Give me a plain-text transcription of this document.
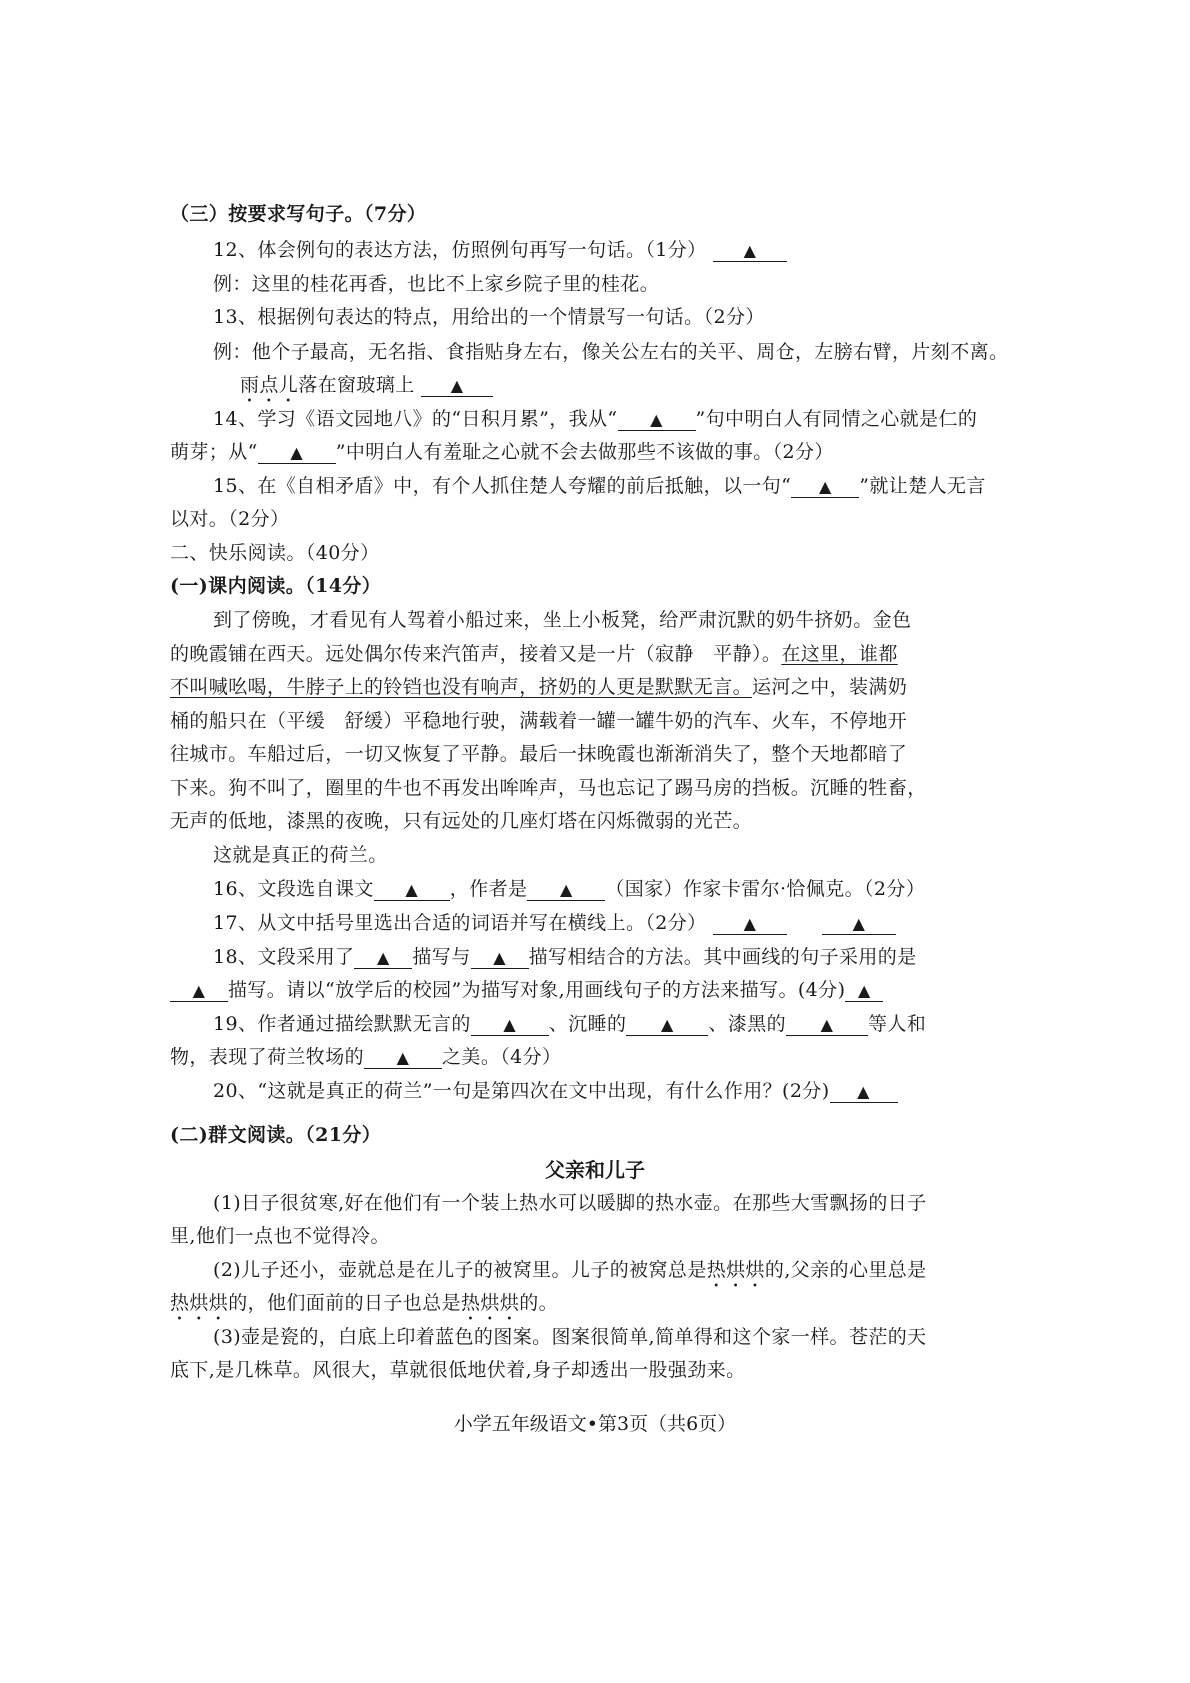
（三）按要求写句子。（7分）
12、体会例句的表达方法，仿照例句再写一句话。（1分） ▲
例：这里的桂花再香，也比不上家乡院子里的桂花。
13、根据例句表达的特点，用给出的一个情景写一句话。（2分）
例：他个子最高，无名指、食指贴身左右，像关公左右的关平、周仓，左膀右臂，片刻不离。
雨点儿落在窗玻璃上 ▲
14、学习《语文园地八》的“日积月累”，我从“ ▲ ”句中明白人有同情之心就是仁的
萌芽；从“ ▲ ”中明白人有羞耻之心就不会去做那些不该做的事。（2分）
15、在《自相矛盾》中，有个人抓住楚人夸耀的前后抵触，以一句“ ▲ ”就让楚人无言
以对。（2分）
二、快乐阅读。（40分）
(一)课内阅读。（14分）
到了傍晚，才看见有人驾着小船过来，坐上小板凳，给严肃沉默的奶牛挤奶。金色
的晚霞铺在西天。远处偶尔传来汽笛声，接着又是一片（寂静　平静）。在这里，谁都
不叫喊吆喝，牛脖子上的铃铛也没有响声，挤奶的人更是默默无言。运河之中，装满奶
桶的船只在（平缓　舒缓）平稳地行驶，满载着一罐一罐牛奶的汽车、火车，不停地开
往城市。车船过后，一切又恢复了平静。最后一抹晚霞也渐渐消失了，整个天地都暗了
下来。狗不叫了，圈里的牛也不再发出哞哞声，马也忘记了踢马房的挡板。沉睡的牲畜，
无声的低地，漆黑的夜晚，只有远处的几座灯塔在闪烁微弱的光芒。
这就是真正的荷兰。
16、文段选自课文 ▲ ，作者是 ▲ （国家）作家卡雷尔·恰佩克。（2分）
17、从文中括号里选出合适的词语并写在横线上。（2分） ▲	▲
18、文段采用了 ▲ 描写与 ▲ 描写相结合的方法。其中画线的句子采用的是
▲ 描写。请以“放学后的校园”为描写对象,用画线句子的方法来描写。(4分) ▲
19、作者通过描绘默默无言的 ▲ 、沉睡的 ▲ 、漆黑的 ▲ 等人和
物，表现了荷兰牧场的 ▲ 之美。（4分）
20、“这就是真正的荷兰”一句是第四次在文中出现，有什么作用？(2分) ▲
(二)群文阅读。（21分）
父亲和儿子
(1)日子很贫寒,好在他们有一个装上热水可以暖脚的热水壶。在那些大雪飘扬的日子
里,他们一点也不觉得冷。
(2)儿子还小，壶就总是在儿子的被窝里。儿子的被窝总是热烘烘的,父亲的心里总是
热烘烘的，他们面前的日子也总是热烘烘的。
(3)壶是瓷的，白底上印着蓝色的图案。图案很简单,简单得和这个家一样。苍茫的天
底下,是几株草。风很大，草就很低地伏着,身子却透出一股强劲来。
小学五年级语文•第3页（共6页）
